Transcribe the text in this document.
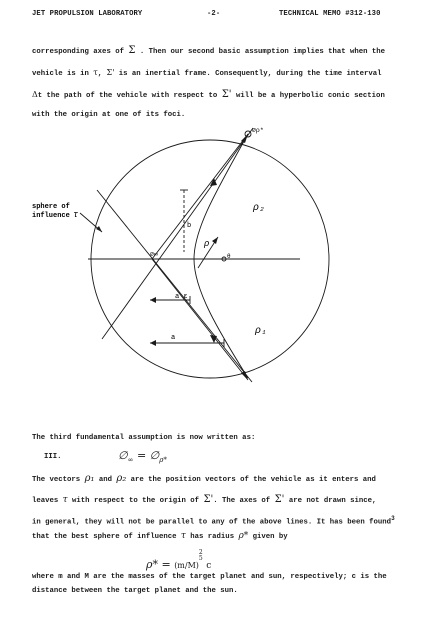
JET PROPULSION LABORATORY	-2-	TECHNICAL MEMO #312-130
corresponding axes of Σ . Then our second basic assumption implies that when the
vehicle is in τ, Σ' is an inertial frame. Consequently, during the time interval
Δt the path of the vehicle with respect to Σ' will be a hyperbolic conic section
with the origin at one of its foci.
sphere of
influence τ
b
a ε
a
ρ₂
ρ₁
ρ
θ
∅∞
∅ρ*
The third fundamental assumption is now written as:
III.	$\emptyset_\infty$ = $\emptyset_{\rho*}$
The vectors ρ₁ and ρ₂ are the position vectors of the vehicle as it enters and
leaves τ with respect to the origin of Σ'. The axes of Σ' are not drawn since,
in general, they will not be parallel to any of the above lines. It has been found$^3$
that the best sphere of influence τ has radius ρ* given by
ρ* = (m/M)2
5 c
where m and M are the masses of the target planet and sun, respectively; c is the
distance between the target planet and the sun.
